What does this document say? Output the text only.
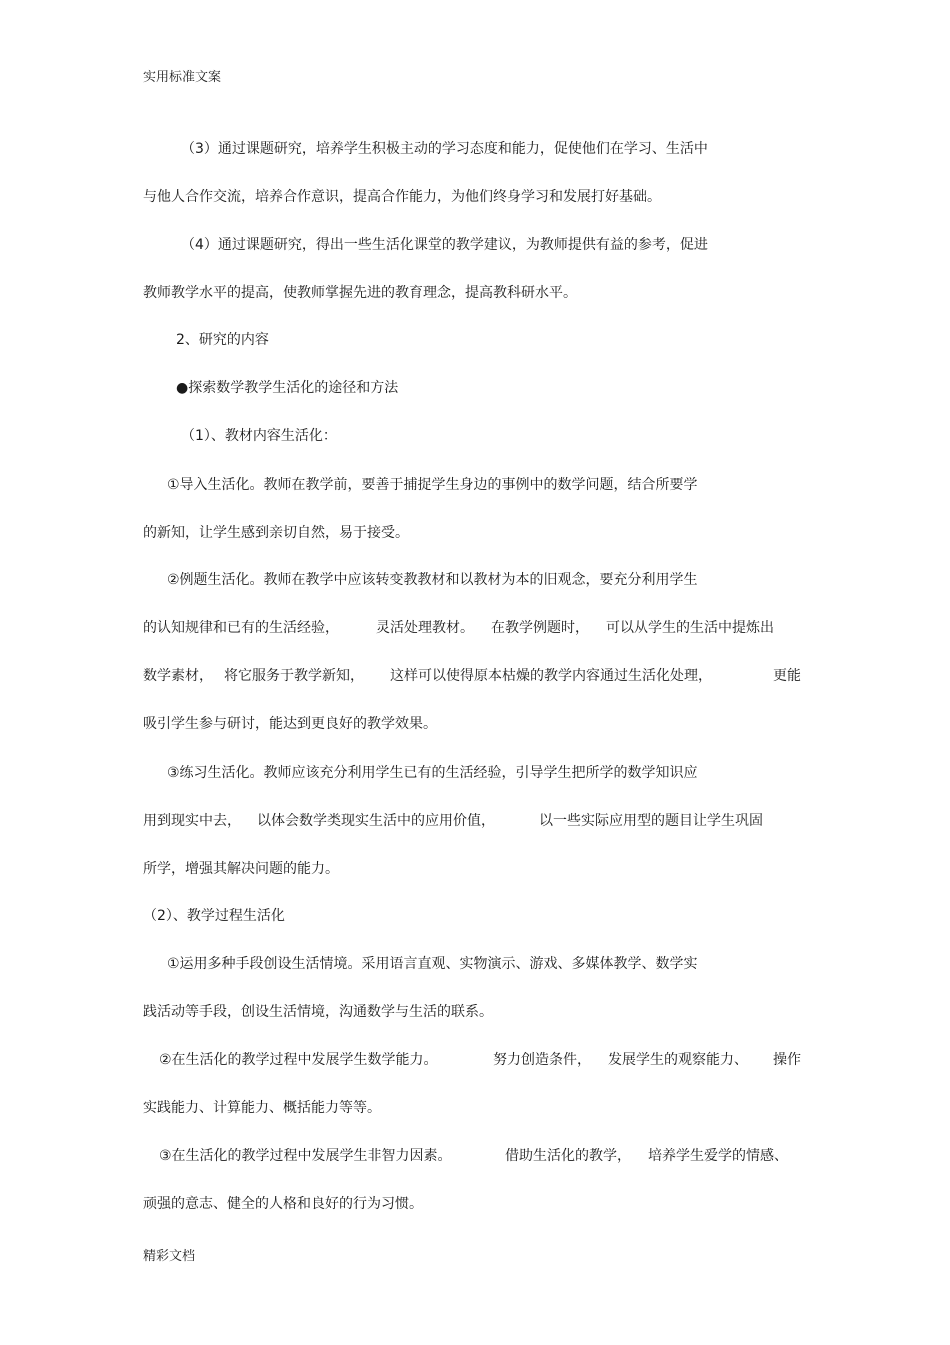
实用标准文案
（3）通过课题研究，培养学生积极主动的学习态度和能力，促使他们在学习、生活中
与他人合作交流，培养合作意识，提高合作能力，为他们终身学习和发展打好基础。
（4）通过课题研究，得出一些生活化课堂的教学建议，为教师提供有益的参考，促进
教师教学水平的提高，使教师掌握先进的教育理念，提高教科研水平。
2、研究的内容
●探索数学教学生活化的途径和方法
（1）、教材内容生活化：
①导入生活化。教师在教学前，要善于捕捉学生身边的事例中的数学问题，结合所要学
的新知，让学生感到亲切自然，易于接受。
②例题生活化。教师在教学中应该转变教教材和以教材为本的旧观念，要充分利用学生
的认知规律和已有的生活经验，	灵活处理教材。 在教学例题时， 可以从学生的生活中提炼出
数学素材， 将它服务于教学新知， 这样可以使得原本枯燥的教学内容通过生活化处理，	更能
吸引学生参与研讨，能达到更良好的教学效果。
③练习生活化。教师应该充分利用学生已有的生活经验，引导学生把所学的数学知识应
用到现实中去， 以体会数学类现实生活中的应用价值，	以一些实际应用型的题目让学生巩固
所学，增强其解决问题的能力。
（2）、教学过程生活化
①运用多种手段创设生活情境。采用语言直观、实物演示、游戏、多媒体教学、数学实
践活动等手段，创设生活情境，沟通数学与生活的联系。
②在生活化的教学过程中发展学生数学能力。	努力创造条件， 发展学生的观察能力、 操作
实践能力、计算能力、概括能力等等。
③在生活化的教学过程中发展学生非智力因素。	借助生活化的教学， 培养学生爱学的情感、
顽强的意志、健全的人格和良好的行为习惯。
精彩文档
